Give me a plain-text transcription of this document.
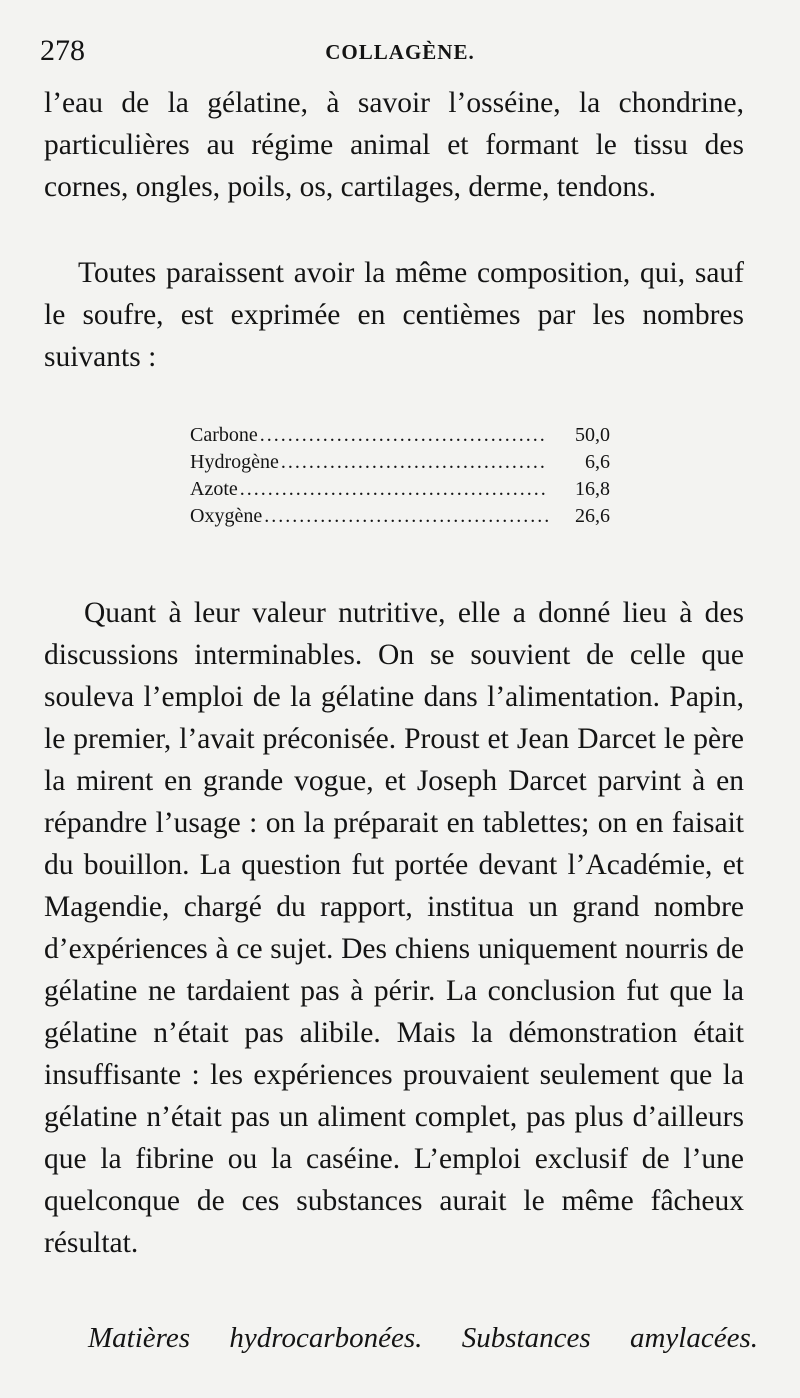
278	COLLAGÈNE.

l’eau de la gélatine, à savoir l’osséine, la chondrine, particulières au régime animal et formant le tissu des cornes, ongles, poils, os, cartilages, derme, tendons.

Toutes paraissent avoir la même composition, qui, sauf le soufre, est exprimée en centièmes par les nombres suivants :

Carbone .....	50,0
Hydrogène .....	6,6
Azote .....	16,8
Oxygène .....	26,6

Quant à leur valeur nutritive, elle a donné lieu à des discussions interminables. On se souvient de celle que souleva l’emploi de la gélatine dans l’alimentation. Papin, le premier, l’avait préconisée. Proust et Jean Darcet le père la mirent en grande vogue, et Joseph Darcet parvint à en répandre l’usage : on la préparait en tablettes; on en faisait du bouillon. La question fut portée devant l’Académie, et Magendie, chargé du rapport, institua un grand nombre d’expériences à ce sujet. Des chiens uniquement nourris de gélatine ne tardaient pas à périr. La conclusion fut que la gélatine n’était pas alibile. Mais la démonstration était insuffisante : les expériences prouvaient seulement que la gélatine n’était pas un aliment complet, pas plus d’ailleurs que la fibrine ou la caséine. L’emploi exclusif de l’une quelconque de ces substances aurait le même fâcheux résultat.

Matières hydrocarbonées. Substances amylacées.
